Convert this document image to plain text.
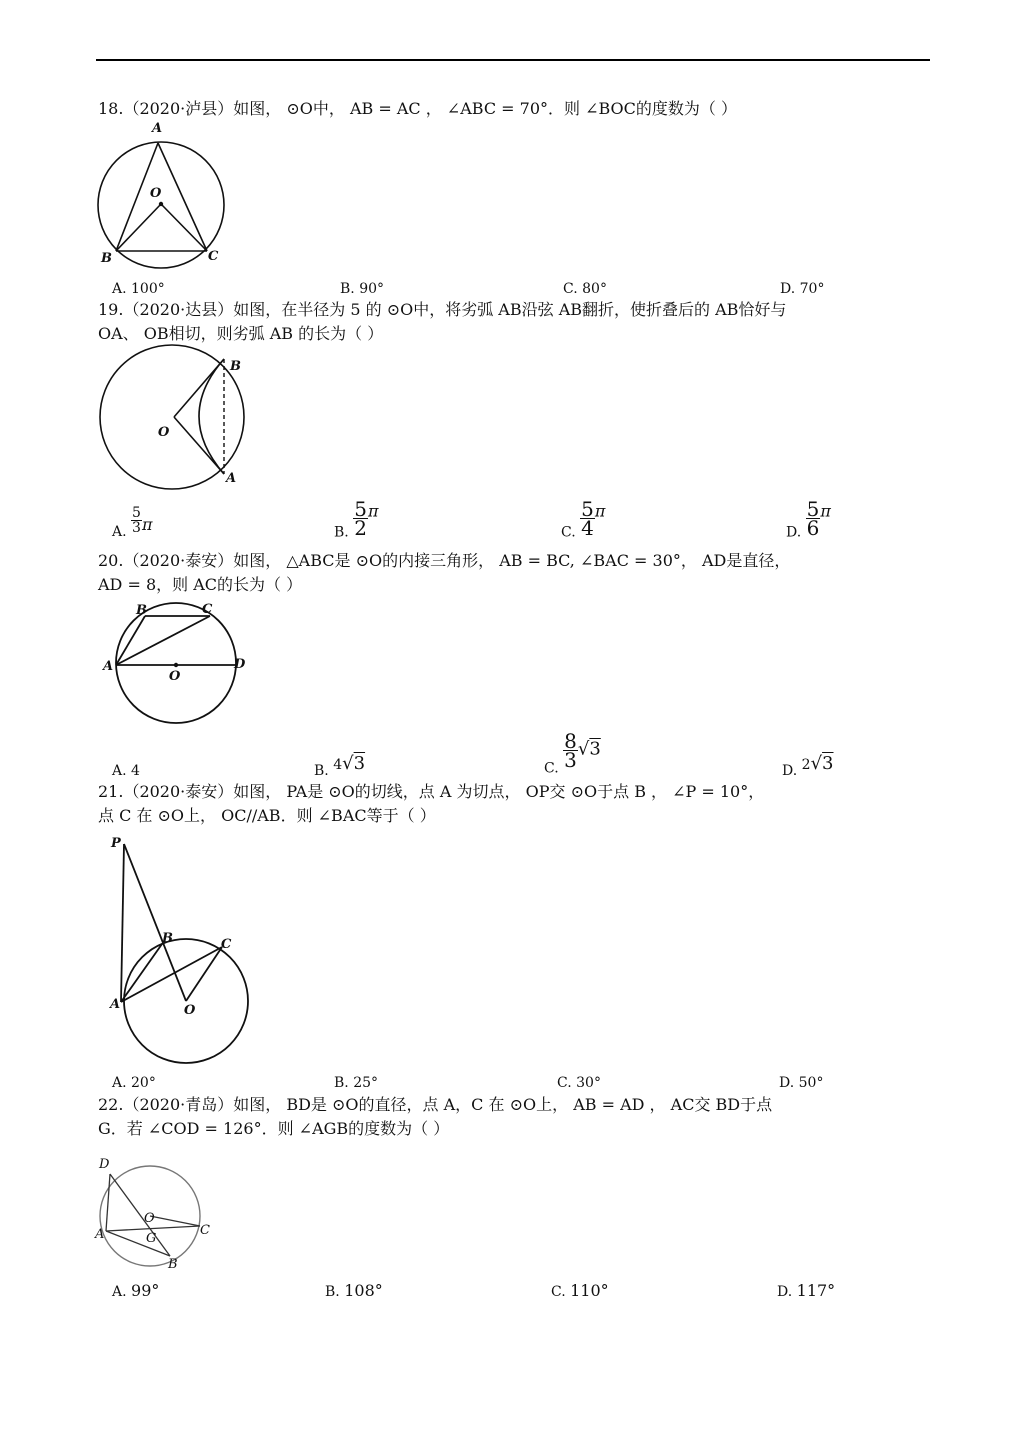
18.（2020·泸县）如图， ⊙O中， AB = AC ， ∠ABC = 70°．则 ∠BOC的度数为（ ）
A
O
B	C
A. 100°	B. 90°	C. 80°	D. 70°
19.（2020·达县）如图，在半径为 5 的 ⊙O中，将劣弧 AB沿弦 AB翻折，使折叠后的 AB恰好与
OA、 OB相切，则劣弧 AB 的长为（ ）
B
O
A
A. $\frac{5}{3}$ π	B. $\frac{5}{2}$ π
C. $\frac{5}{4}$ π
D. $\frac{5}{6}$ π
20.（2020·泰安）如图， △ABC是 ⊙O的内接三角形， AB = BC, ∠BAC = 30°， AD是直径，
AD = 8，则 AC的长为（ ）
B	C
A	D
O
A. 4	B. 4√3	C. $\frac{8}{3} √3$
D. 2√3
21.（2020·泰安）如图， PA是 ⊙O的切线，点 A 为切点， OP交 ⊙O于点 B ， ∠P = 10°，
点 C 在 ⊙O上， OC//AB．则 ∠BAC等于（ ）
P
B	C
A	O
A. 20°	B. 25°	C. 30°	D. 50°
22.（2020·青岛）如图， BD是 ⊙O的直径，点 A，C 在 ⊙O上， AB = AD ， AC交 BD于点
G．若 ∠COD = 126°．则 ∠AGB的度数为（ ）
D
O
C
A	G
B
A. 99°	B. 108°	C. 110°	D. 117°
